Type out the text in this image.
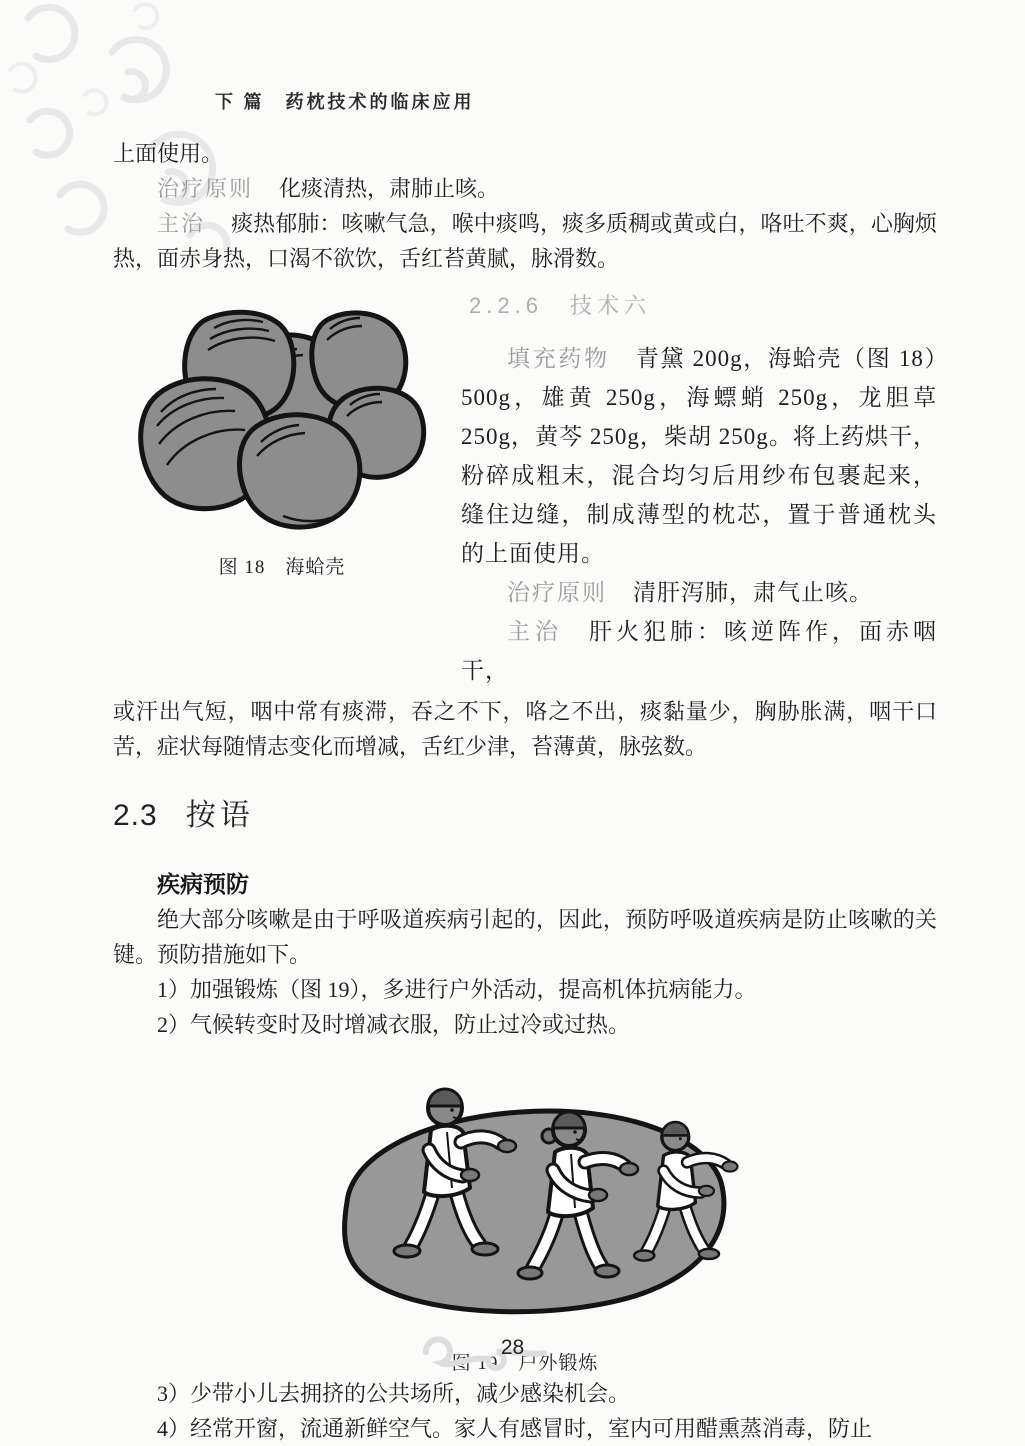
下 篇　药枕技术的临床应用

上面使用。

治疗原则 化痰清热，肃肺止咳。

主治 痰热郁肺：咳嗽气急，喉中痰鸣，痰多质稠或黄或白，咯吐不爽，心胸烦热，面赤身热，口渴不欲饮，舌红苔黄腻，脉滑数。

图 18　海蛤壳
2.2.6　 技术六

填充药物 青黛 200g，海蛤壳（图 18）500g，雄黄 250g，海螵蛸 250g，龙胆草 250g，黄芩 250g，柴胡 250g。将上药烘干，粉碎成粗末，混合均匀后用纱布包裹起来，缝住边缝，制成薄型的枕芯，置于普通枕头的上面使用。

治疗原则 清肝泻肺，肃气止咳。

主治 肝火犯肺：咳逆阵作，面赤咽干，

或汗出气短，咽中常有痰滞，吞之不下，咯之不出，痰黏量少，胸胁胀满，咽干口苦，症状每随情志变化而增减，舌红少津，苔薄黄，脉弦数。

2.3 按语
疾病预防

绝大部分咳嗽是由于呼吸道疾病引起的，因此，预防呼吸道疾病是防止咳嗽的关键。预防措施如下。

1）加强锻炼（图 19），多进行户外活动，提高机体抗病能力。

2）气候转变时及时增减衣服，防止过冷或过热。

图 19　户外锻炼

3）少带小儿去拥挤的公共场所，减少感染机会。

4）经常开窗，流通新鲜空气。家人有感冒时，室内可用醋熏蒸消毒，防止

28
